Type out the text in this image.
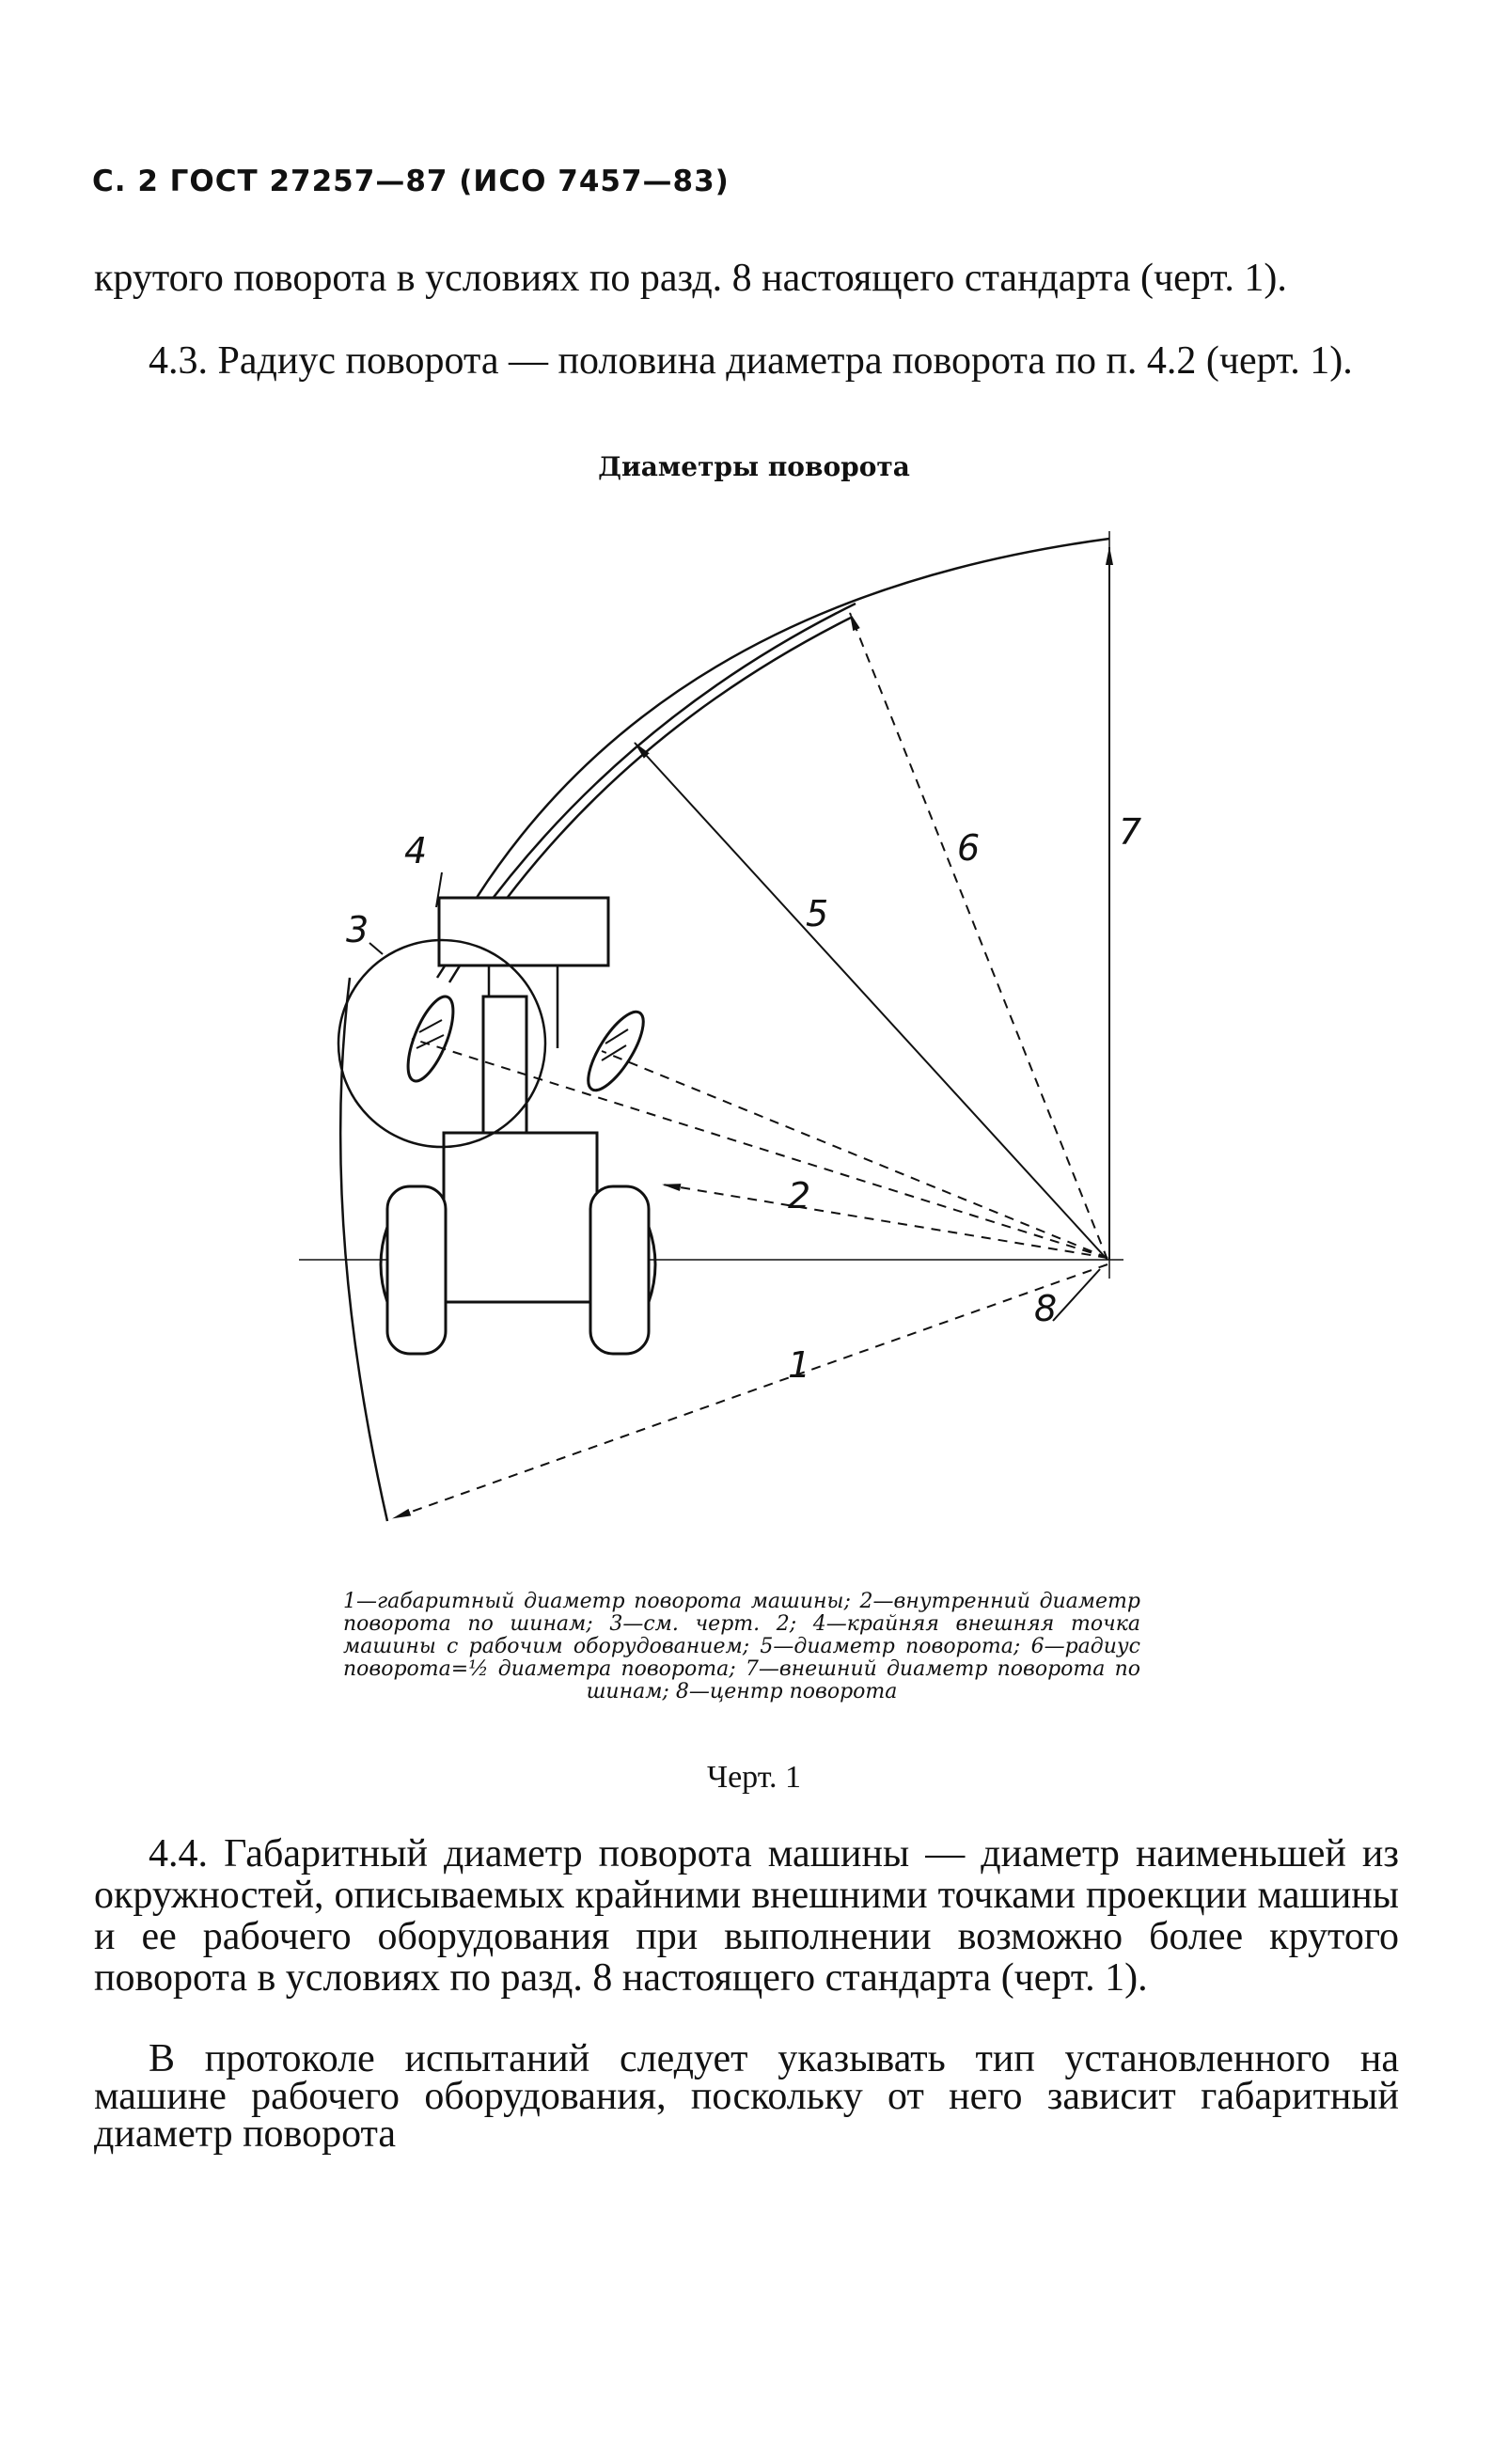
С. 2 ГОСТ 27257—87 (ИСО 7457—83)

крутого поворота в условиях по разд. 8 настоящего стандарта (черт. 1).

4.3. Радиус поворота — половина диаметра поворота по п. 4.2 (черт. 1).

Диаметры поворота
1
2
3
4
5
6	7
8

1—габаритный диаметр поворота машины; 2—внутренний диаметр поворота по шинам; 3—см. черт. 2; 4—крайняя внешняя точка машины с рабочим оборудованием; 5—диаметр поворота; 6—радиус поворота=½ диаметра поворота; 7—внешний диаметр поворота по шинам; 8—центр поворота

Черт. 1

4.4. Габаритный диаметр поворота машины — диаметр наименьшей из окружностей, описываемых крайними внешними точками проекции машины и ее рабочего оборудования при выполнении возможно более крутого поворота в условиях по разд. 8 настоящего стандарта (черт. 1).

В протоколе испытаний следует указывать тип установленного на машине рабочего оборудования, поскольку от него зависит габаритный диаметр поворота
